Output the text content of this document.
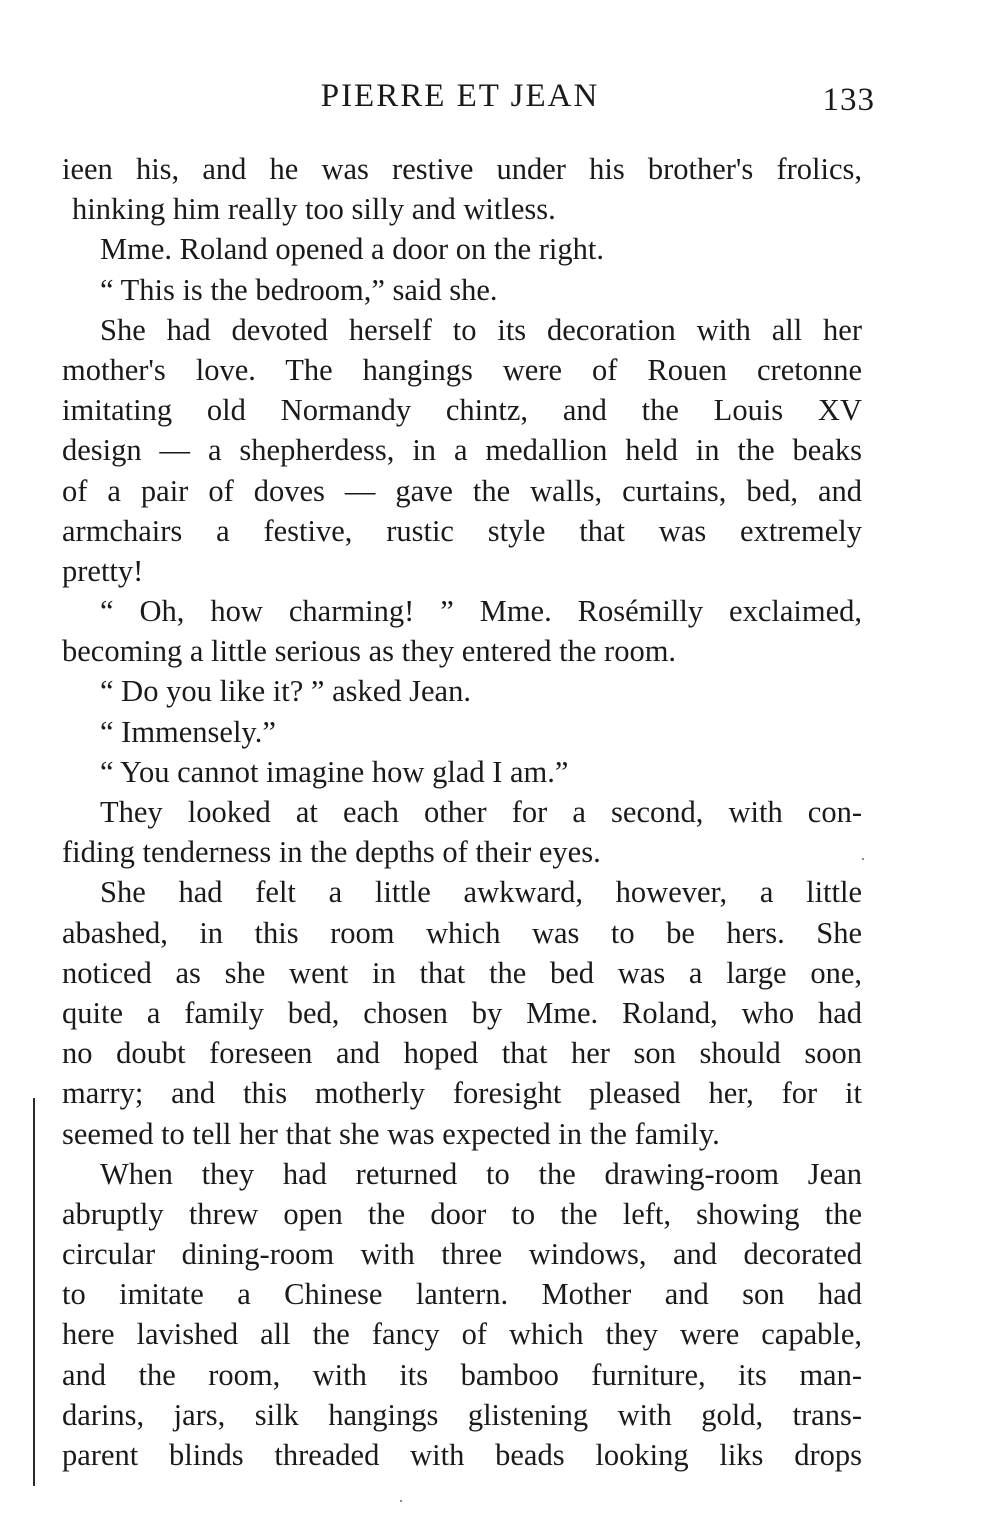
PIERRE ET JEAN	133
ieen his, and he was restive under his brother's frolics,
hinking him really too silly and witless.
Mme. Roland opened a door on the right.
“ This is the bedroom,” said she.
She had devoted herself to its decoration with all her
mother's love. The hangings were of Rouen cretonne
imitating old Normandy chintz, and the Louis XV
design — a shepherdess, in a medallion held in the beaks
of a pair of doves — gave the walls, curtains, bed, and
armchairs a festive, rustic style that was extremely
pretty!
“ Oh, how charming! ” Mme. Rosémilly exclaimed,
becoming a little serious as they entered the room.
“ Do you like it? ” asked Jean.
“ Immensely.”
“ You cannot imagine how glad I am.”
They looked at each other for a second, with con-
fiding tenderness in the depths of their eyes.
She had felt a little awkward, however, a little
abashed, in this room which was to be hers. She
noticed as she went in that the bed was a large one,
quite a family bed, chosen by Mme. Roland, who had
no doubt foreseen and hoped that her son should soon
marry; and this motherly foresight pleased her, for it
seemed to tell her that she was expected in the family.
When they had returned to the drawing-room Jean
abruptly threw open the door to the left, showing the
circular dining-room with three windows, and decorated
to imitate a Chinese lantern. Mother and son had
here lavished all the fancy of which they were capable,
and the room, with its bamboo furniture, its man-
darins, jars, silk hangings glistening with gold, trans-
parent blinds threaded with beads looking liks drops
